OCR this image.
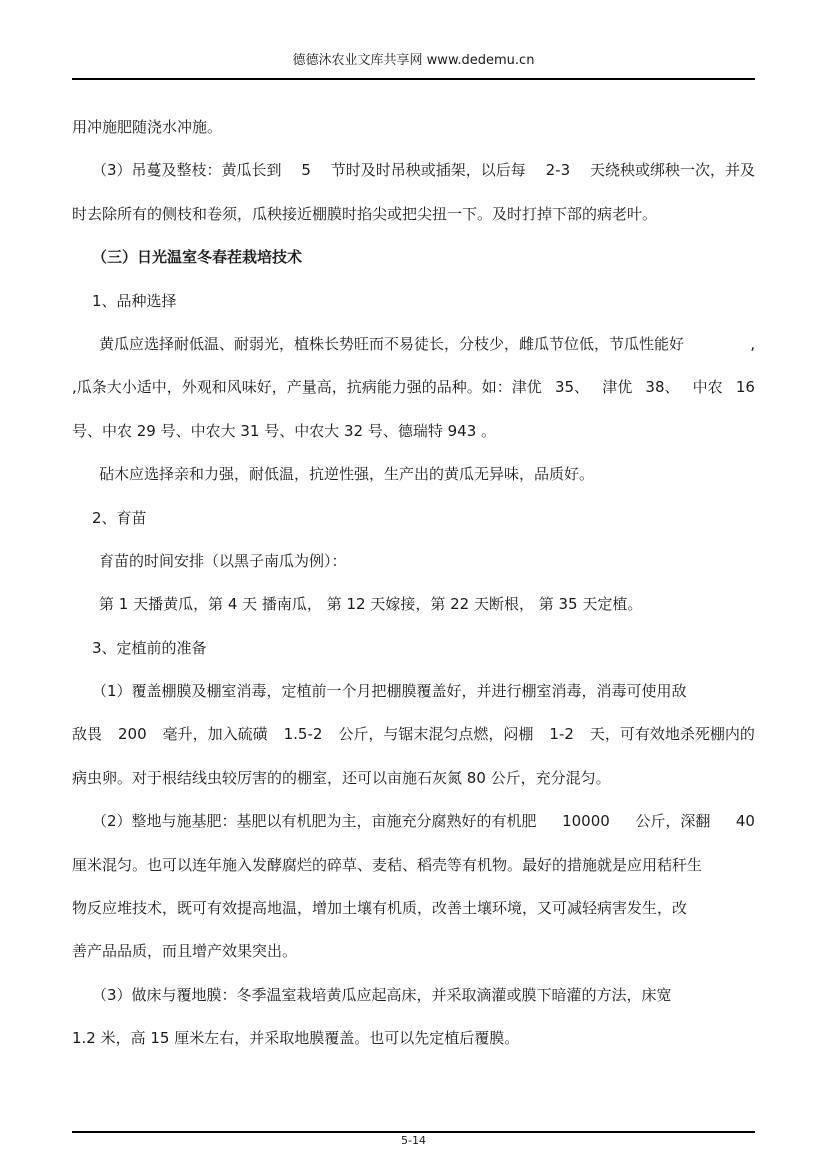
德德沐农业文库共享网 www.dedemu.cn
用冲施肥随浇水冲施。
（3）吊蔓及整枝：黄瓜长到 5 节时及时吊秧或插架，以后每 2-3 天绕秧或绑秧一次，并及
时去除所有的侧枝和卷须，瓜秧接近棚膜时掐尖或把尖扭一下。及时打掉下部的病老叶。
（三）日光温室冬春茬栽培技术
1、品种选择
黄瓜应选择耐低温、耐弱光，植株长势旺而不易徒长，分枝少，雌瓜节位低，节瓜性能好	,
,瓜条大小适中，外观和风味好，产量高，抗病能力强的品种。如：津优 35、 津优 38、 中农 16
号、中农 29 号、中农大 31 号、中农大 32 号、德瑞特 943 。
砧木应选择亲和力强，耐低温，抗逆性强，生产出的黄瓜无异味，品质好。
2、育苗
育苗的时间安排（以黑子南瓜为例）：
第 1 天播黄瓜，第 4 天 播南瓜， 第 12 天嫁接，第 22 天断根， 第 35 天定植。
3、定植前的准备
（1）覆盖棚膜及棚室消毒，定植前一个月把棚膜覆盖好，并进行棚室消毒，消毒可使用敌
敌畏 200 毫升，加入硫磺 1.5-2 公斤，与锯末混匀点燃，闷棚 1-2 天，可有效地杀死棚内的
病虫卵。对于根结线虫较厉害的的棚室，还可以亩施石灰氮 80 公斤，充分混匀。
（2）整地与施基肥：基肥以有机肥为主，亩施充分腐熟好的有机肥 10000 公斤，深翻 40
厘米混匀。也可以连年施入发酵腐烂的碎草、麦秸、稻壳等有机物。最好的措施就是应用秸秆生
物反应堆技术，既可有效提高地温，增加土壤有机质，改善土壤环境，又可减轻病害发生，改
善产品品质，而且增产效果突出。
（3）做床与覆地膜：冬季温室栽培黄瓜应起高床，并采取滴灌或膜下暗灌的方法，床宽
1.2 米，高 15 厘米左右，并采取地膜覆盖。也可以先定植后覆膜。
5-14
